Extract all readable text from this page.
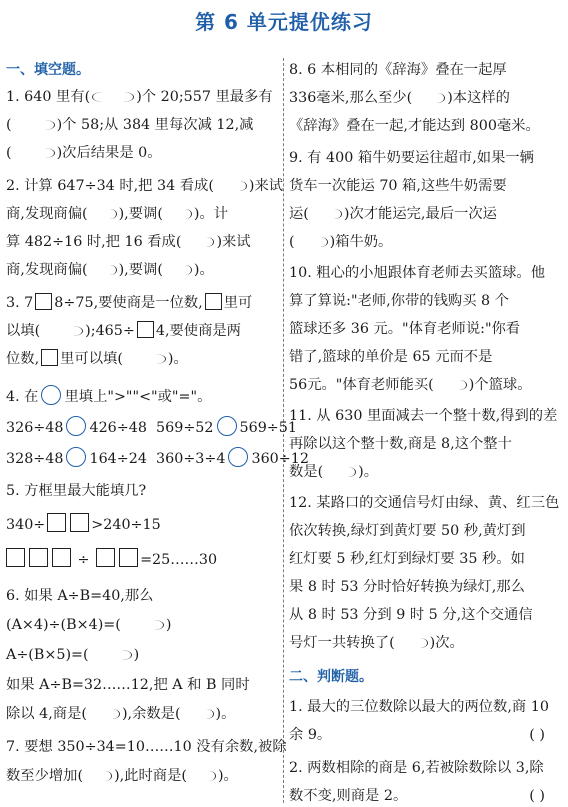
第 6 单元提优练习
一、填空题。
1. 640 里有(	)个 20;557 里最多有
(	)个 58;从 384 里每次减 12,减
(	)次后结果是 0。
2. 计算 647÷34 时,把 34 看成( )来试
商,发现商偏( ),要调( )。计
算 482÷16 时,把 16 看成( )来试
商,发现商偏( ),要调( )。
3. 7 8÷75,要使商是一位数, 里可
以填(	);465÷ 4,要使商是两
位数, 里可以填(	)。
4. 在 里填上">""<"或"="。
326÷48 426÷48 569÷52 569÷51
328÷48 164÷24 360÷3÷4 360÷12
5. 方框里最大能填几?
340÷	>240÷15
÷	=25……30
6. 如果 A÷B=40,那么
(A×4)÷(B×4)=(	)
A÷(B×5)=(	)
如果 A÷B=32……12,把 A 和 B 同时
除以 4,商是( ),余数是( )。
7. 要想 350÷34=10……10 没有余数,被除
数至少增加( ),此时商是( )。
8. 6 本相同的《辞海》叠在一起厚
336毫米,那么至少( )本这样的
《辞海》叠在一起,才能达到 800毫米。
9. 有 400 箱牛奶要运往超市,如果一辆
货车一次能运 70 箱,这些牛奶需要
运( )次才能运完,最后一次运
( )箱牛奶。
10. 粗心的小旭跟体育老师去买篮球。他
算了算说:"老师,你带的钱购买 8 个
篮球还多 36 元。"体育老师说:"你看
错了,篮球的单价是 65 元而不是
56元。"体育老师能买( )个篮球。
11. 从 630 里面减去一个整十数,得到的差
再除以这个整十数,商是 8,这个整十
数是( )。
12. 某路口的交通信号灯由绿、黄、红三色
依次转换,绿灯到黄灯要 50 秒,黄灯到
红灯要 5 秒,红灯到绿灯要 35 秒。如
果 8 时 53 分时恰好转换为绿灯,那么
从 8 时 53 分到 9 时 5 分,这个交通信
号灯一共转换了( )次。
二、判断题。
1. 最大的三位数除以最大的两位数,商 10
余 9。	( )
2. 两数相除的商是 6,若被除数除以 3,除
数不变,则商是 2。	( )
